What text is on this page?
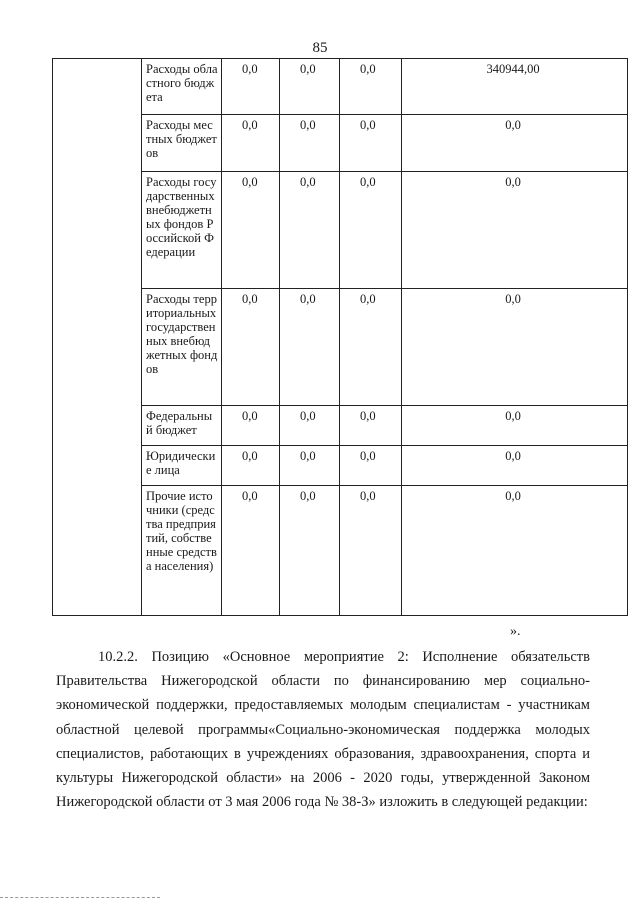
85
	Расходы областного бюджета	0,0	0,0	0,0	340944,00
	Расходы местных бюджетов	0,0	0,0	0,0	0,0
	Расходы государственных внебюджетных фондов Российской Федерации	0,0	0,0	0,0	0,0
	Расходы территориальных государственных внебюджетных фондов	0,0	0,0	0,0	0,0
	Федеральный бюджет	0,0	0,0	0,0	0,0
	Юридические лица	0,0	0,0	0,0	0,0
	Прочие источники (средства предприятий, собственные средства населения)	0,0	0,0	0,0	0,0
».

10.2.2. Позицию «Основное мероприятие 2: Исполнение обязательств Правительства Нижегородской области по финансированию мер социально-экономической поддержки, предоставляемых молодым специалистам - участникам областной целевой программы«Социально-экономическая поддержка молодых специалистов, работающих в учреждениях образования, здравоохранения, спорта и культуры Нижегородской области» на 2006 - 2020 годы, утвержденной Законом Нижегородской области от 3 мая 2006 года № 38-З» изложить в следующей редакции:
